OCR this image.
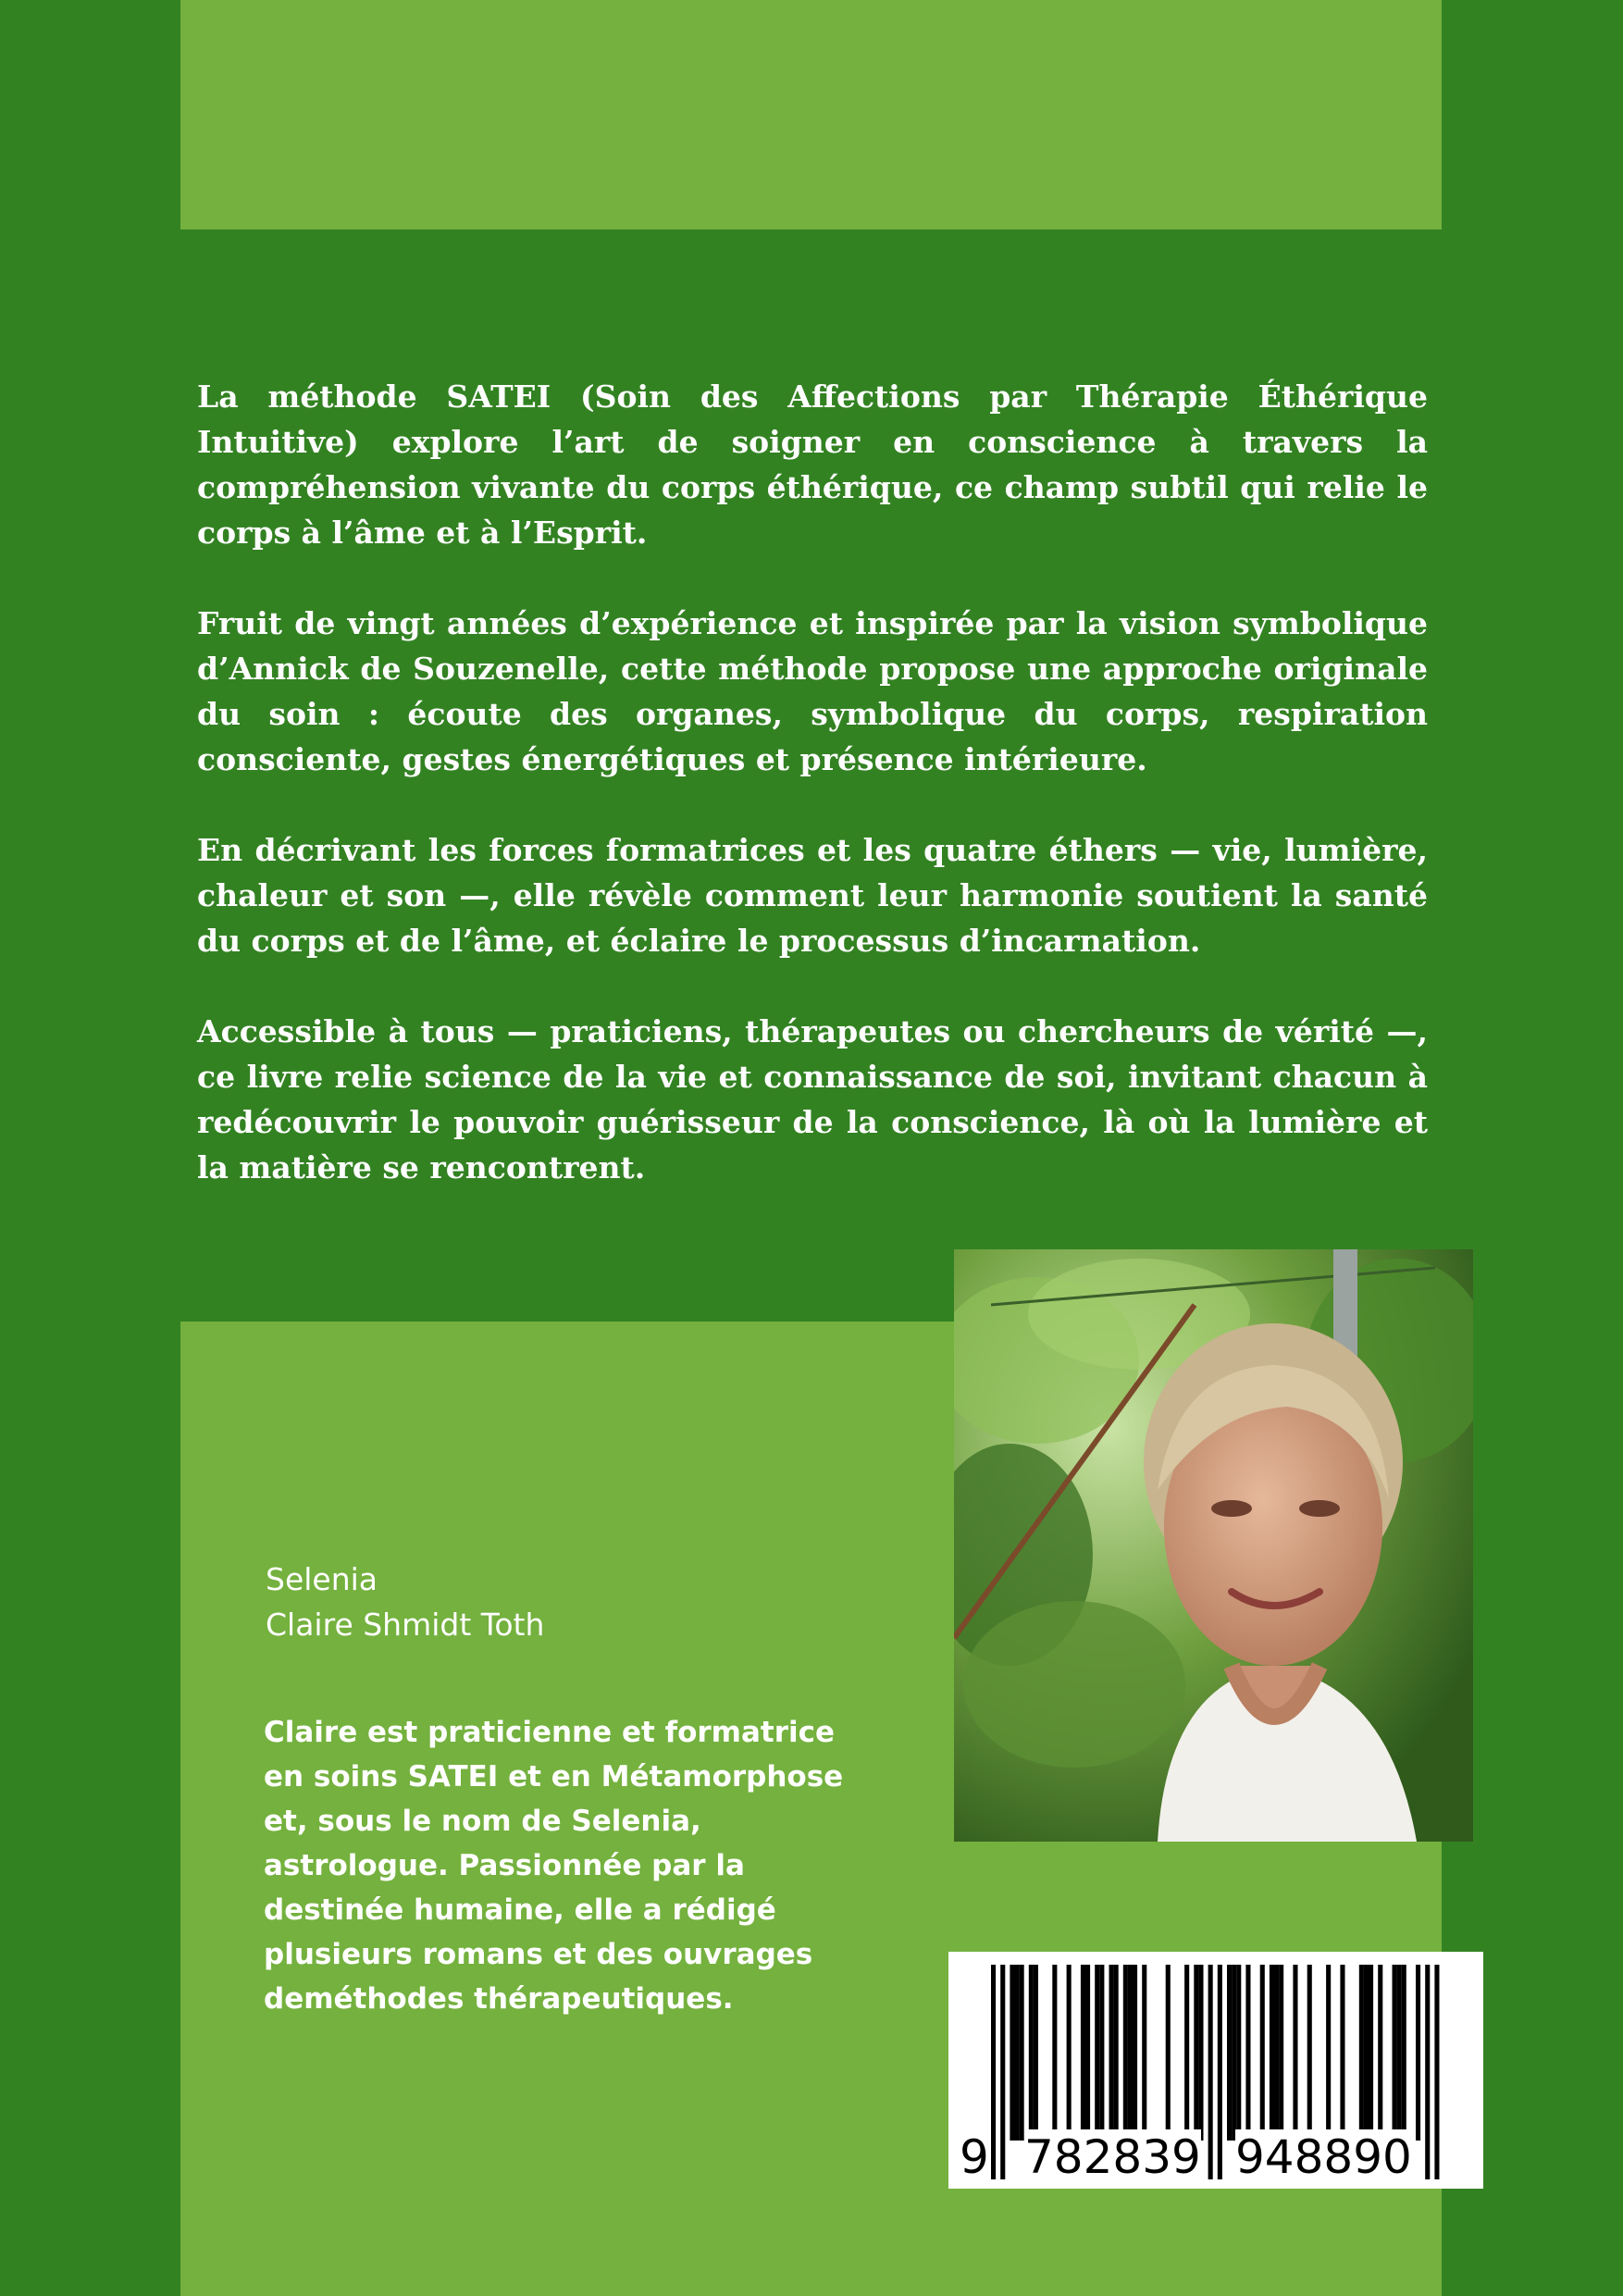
La méthode SATEI (Soin des Affections par Thérapie Éthérique Intuitive) explore l’art de soigner en conscience à travers la compréhension vivante du corps éthérique, ce champ subtil qui relie le corps à l’âme et à l’Esprit.

Fruit de vingt années d’expérience et inspirée par la vision symbolique d’Annick de Souzenelle, cette méthode propose une approche originale du soin : écoute des organes, symbolique du corps, respiration consciente, gestes énergétiques et présence intérieure.

En décrivant les forces formatrices et les quatre éthers — vie, lumière, chaleur et son —, elle révèle comment leur harmonie soutient la santé du corps et de l’âme, et éclaire le processus d’incarnation.

Accessible à tous — praticiens, thérapeutes ou chercheurs de vérité —, ce livre relie science de la vie et connaissance de soi, invitant chacun à redécouvrir le pouvoir guérisseur de la conscience, là où la lumière et la matière se rencontrent.

Selenia
Claire Shmidt Toth
Claire est praticienne et formatrice en soins SATEI et en Métamorphose et, sous le nom de Selenia, astrologue. Passionnée par la destinée humaine, elle a rédigé plusieurs romans et des ouvrages deméthodes thérapeutiques.
9 782839 948890
